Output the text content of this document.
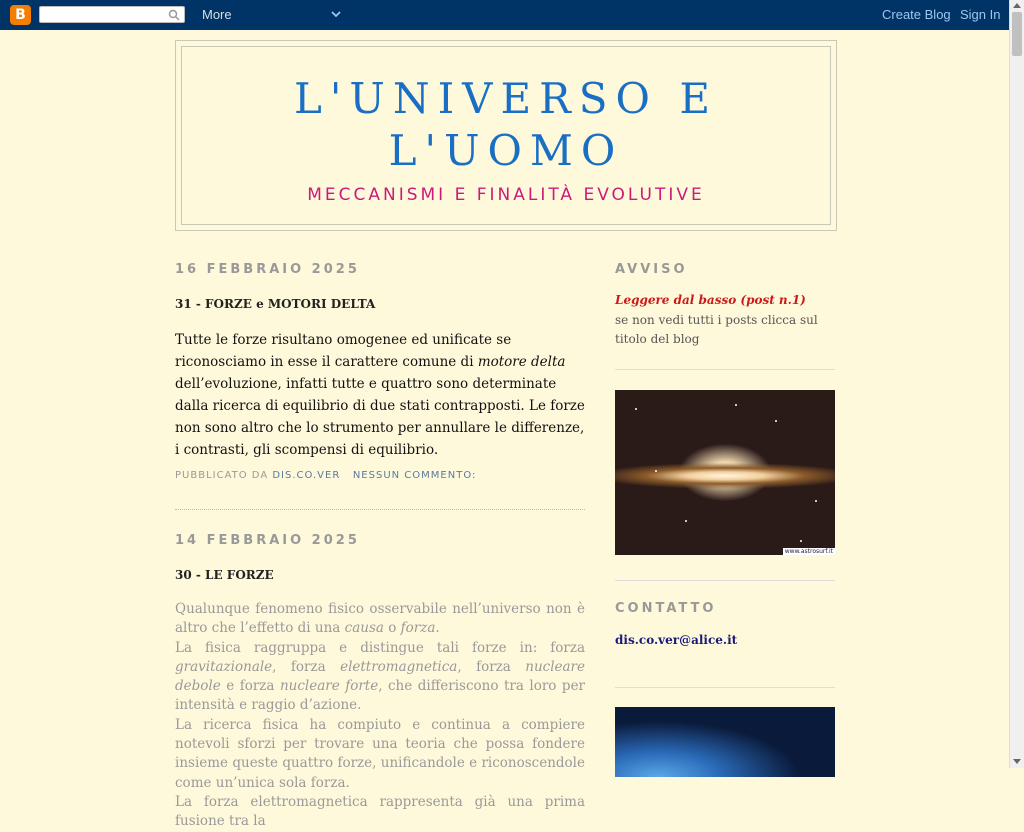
B	More	Create Blog Sign In
L'UNIVERSO E L'UOMO
MECCANISMI E FINALITÀ EVOLUTIVE
16 FEBBRAIO 2025
31 - FORZE e MOTORI DELTA
Tutte le forze risultano omogenee ed unificate se riconosciamo in esse il carattere comune di motore delta dell’evoluzione, infatti tutte e quattro sono determinate dalla ricerca di equilibrio di due stati contrapposti. Le forze non sono altro che lo strumento per annullare le differenze, i contrasti, gli scompensi di equilibrio.
PUBBLICATO DA DIS.CO.VER NESSUN COMMENTO:
14 FEBBRAIO 2025
30 - LE FORZE
Qualunque fenomeno fisico osservabile nell’universo non è altro che l’effetto di una causa o forza.
La fisica raggruppa e distingue tali forze in: forza gravitazionale, forza elettromagnetica, forza nucleare debole e forza nucleare forte, che differiscono tra loro per intensità e raggio d’azione.
La ricerca fisica ha compiuto e continua a compiere notevoli sforzi per trovare una teoria che possa fondere insieme queste quattro forze, unificandole e riconoscendole come un’unica sola forza.
La forza elettromagnetica rappresenta già una prima fusione tra la
AVVISO
Leggere dal basso (post n.1)
se non vedi tutti i posts clicca sul titolo del blog
www.astrosurf.it
CONTATTO
dis.co.ver@alice.it
